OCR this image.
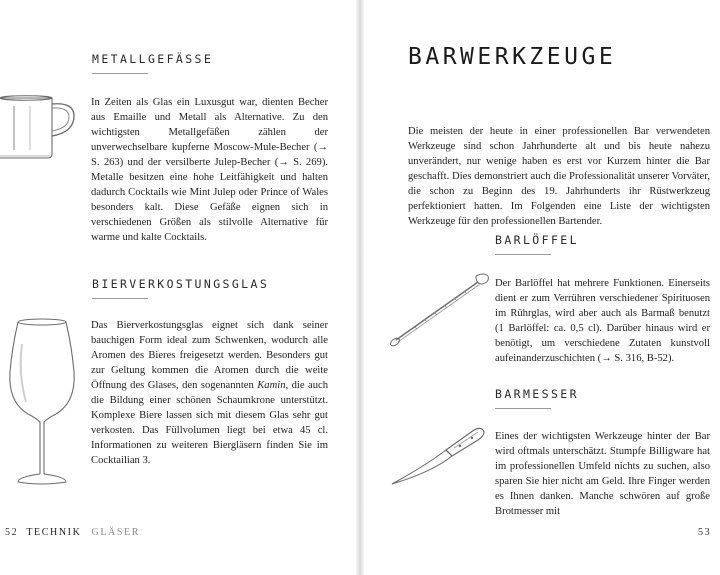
METALLGEFÄSSE

In Zeiten als Glas ein Luxusgut war, dienten Becher aus Emaille und Metall als Alternative. Zu den wichtigsten Metallgefäßen zählen der unverwechselbare kupferne Moscow-Mule-Becher (→ S. 263) und der versilberte Julep-Becher (→ S. 269). Metalle besitzen eine hohe Leitfähigkeit und halten dadurch Cocktails wie Mint Julep oder Prince of Wales besonders kalt. Diese Gefäße eignen sich in verschiedenen Größen als stilvolle Alternative für warme und kalte Cocktails.

BIERVERKOSTUNGSGLAS

Das Bierverkostungsglas eignet sich dank seiner bauchigen Form ideal zum Schwenken, wodurch alle Aromen des Bieres freigesetzt werden. Besonders gut zur Geltung kommen die Aromen durch die weite Öffnung des Glases, den sogenannten Kamin, die auch die Bildung einer schönen Schaumkrone unterstützt. Komplexe Biere lassen sich mit diesem Glas sehr gut verkosten. Das Füllvolumen liegt bei etwa 45 cl. Informationen zu weiteren Biergläsern finden Sie im Cocktailian 3.

52 TECHNIK GLÄSER
BARWERKZEUGE

Die meisten der heute in einer professionellen Bar verwendeten Werkzeuge sind schon Jahrhunderte alt und bis heute nahezu unverändert, nur wenige haben es erst vor Kurzem hinter die Bar geschafft. Dies demonstriert auch die Professionalität unserer Vorväter, die schon zu Beginn des 19. Jahrhunderts ihr Rüstwerkzeug perfektioniert hatten. Im Folgenden eine Liste der wichtigsten Werkzeuge für den professionellen Bartender.

BARLÖFFEL

Der Barlöffel hat mehrere Funktionen. Einerseits dient er zum Verrühren verschiedener Spirituosen im Rührglas, wird aber auch als Barmaß benutzt (1 Barlöffel: ca. 0,5 cl). Darüber hinaus wird er benötigt, um verschiedene Zutaten kunstvoll aufeinanderzuschichten (→ S. 316, B-52).

BARMESSER

Eines der wichtigsten Werkzeuge hinter der Bar wird oftmals unterschätzt. Stumpfe Billigware hat im professionellen Umfeld nichts zu suchen, also sparen Sie hier nicht am Geld. Ihre Finger werden es Ihnen danken. Manche schwören auf große Brotmesser mit

53
